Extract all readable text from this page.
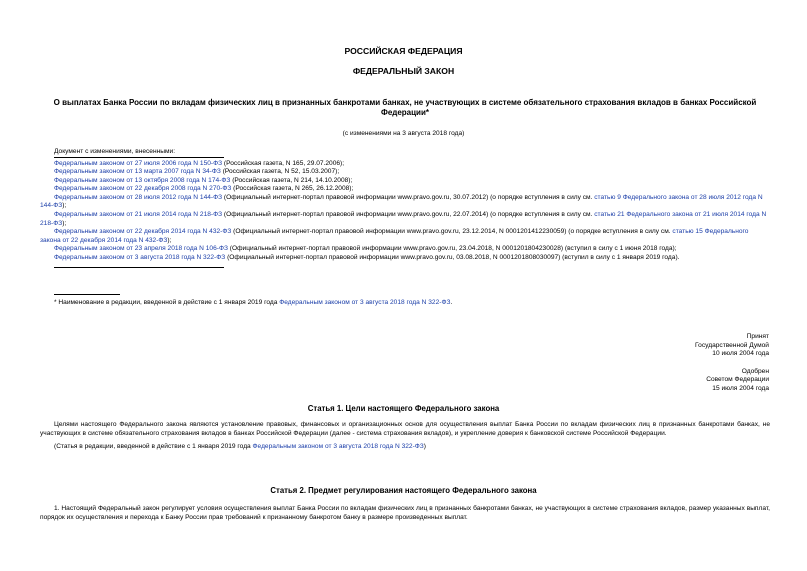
РОССИЙСКАЯ ФЕДЕРАЦИЯ
ФЕДЕРАЛЬНЫЙ ЗАКОН
О выплатах Банка России по вкладам физических лиц в признанных банкротами банках, не участвующих в системе обязательного страхования вкладов в банках Российской Федерации*
(с изменениями на 3 августа 2018 года)
Документ с изменениями, внесенными:
Федеральным законом от 27 июля 2006 года N 150-ФЗ (Российская газета, N 165, 29.07.2006);
Федеральным законом от 13 марта 2007 года N 34-ФЗ (Российская газета, N 52, 15.03.2007);
Федеральным законом от 13 октября 2008 года N 174-ФЗ (Российская газета, N 214, 14.10.2008);
Федеральным законом от 22 декабря 2008 года N 270-ФЗ (Российская газета, N 265, 26.12.2008);
Федеральным законом от 28 июля 2012 года N 144-ФЗ (Официальный интернет-портал правовой информации www.pravo.gov.ru, 30.07.2012) (о порядке вступления в силу см. статью 9 Федерального закона от 28 июля 2012 года N 144-ФЗ);
Федеральным законом от 21 июля 2014 года N 218-ФЗ (Официальный интернет-портал правовой информации www.pravo.gov.ru, 22.07.2014) (о порядке вступления в силу см. статью 21 Федерального закона от 21 июля 2014 года N 218-ФЗ);
Федеральным законом от 22 декабря 2014 года N 432-ФЗ (Официальный интернет-портал правовой информации www.pravo.gov.ru, 23.12.2014, N 0001201412230059) (о порядке вступления в силу см. статью 15 Федерального закона от 22 декабря 2014 года N 432-ФЗ);
Федеральным законом от 23 апреля 2018 года N 106-ФЗ (Официальный интернет-портал правовой информации www.pravo.gov.ru, 23.04.2018, N 0001201804230028) (вступил в силу с 1 июня 2018 года);
Федеральным законом от 3 августа 2018 года N 322-ФЗ (Официальный интернет-портал правовой информации www.pravo.gov.ru, 03.08.2018, N 0001201808030097) (вступил в силу с 1 января 2019 года).
* Наименование в редакции, введенной в действие с 1 января 2019 года Федеральным законом от 3 августа 2018 года N 322-ФЗ.
Принят
Государственной Думой
10 июля 2004 года
Одобрен
Советом Федерации
15 июля 2004 года
Статья 1. Цели настоящего Федерального закона
Целями настоящего Федерального закона являются установление правовых, финансовых и организационных основ для осуществления выплат Банка России по вкладам физических лиц в признанных банкротами банках, не участвующих в системе обязательного страхования вкладов в банках Российской Федерации (далее - система страхования вкладов), и укрепление доверия к банковской системе Российской Федерации.
(Статья в редакции, введенной в действие с 1 января 2019 года Федеральным законом от 3 августа 2018 года N 322-ФЗ)
Статья 2. Предмет регулирования настоящего Федерального закона
1. Настоящий Федеральный закон регулирует условия осуществления выплат Банка России по вкладам физических лиц в признанных банкротами банках, не участвующих в системе страхования вкладов, размер указанных выплат, порядок их осуществления и перехода к Банку России прав требований к признанному банкротом банку в размере произведенных выплат.
